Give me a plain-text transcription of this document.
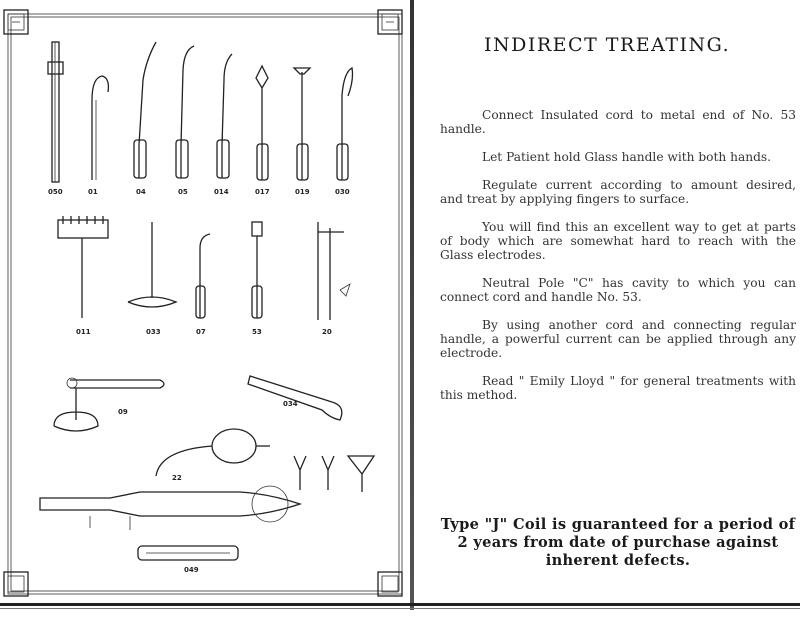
050	01	04	05	014	017	019	030
011	033	07	53	20
09
034
22
049
INDIRECT TREATING.

Connect Insulated cord to metal end of No. 53 handle.

Let Patient hold Glass handle with both hands.

Regulate current according to amount desired, and treat by applying fingers to surface.

You will find this an excellent way to get at parts of body which are somewhat hard to reach with the Glass electrodes.

Neutral Pole "C" has cavity to which you can connect cord and handle No. 53.

By using another cord and connecting regular handle, a powerful current can be applied through any electrode.

Read " Emily Lloyd " for general treatments with this method.

Type "J" Coil is guaranteed for a period of 2 years from date of purchase against inherent defects.
